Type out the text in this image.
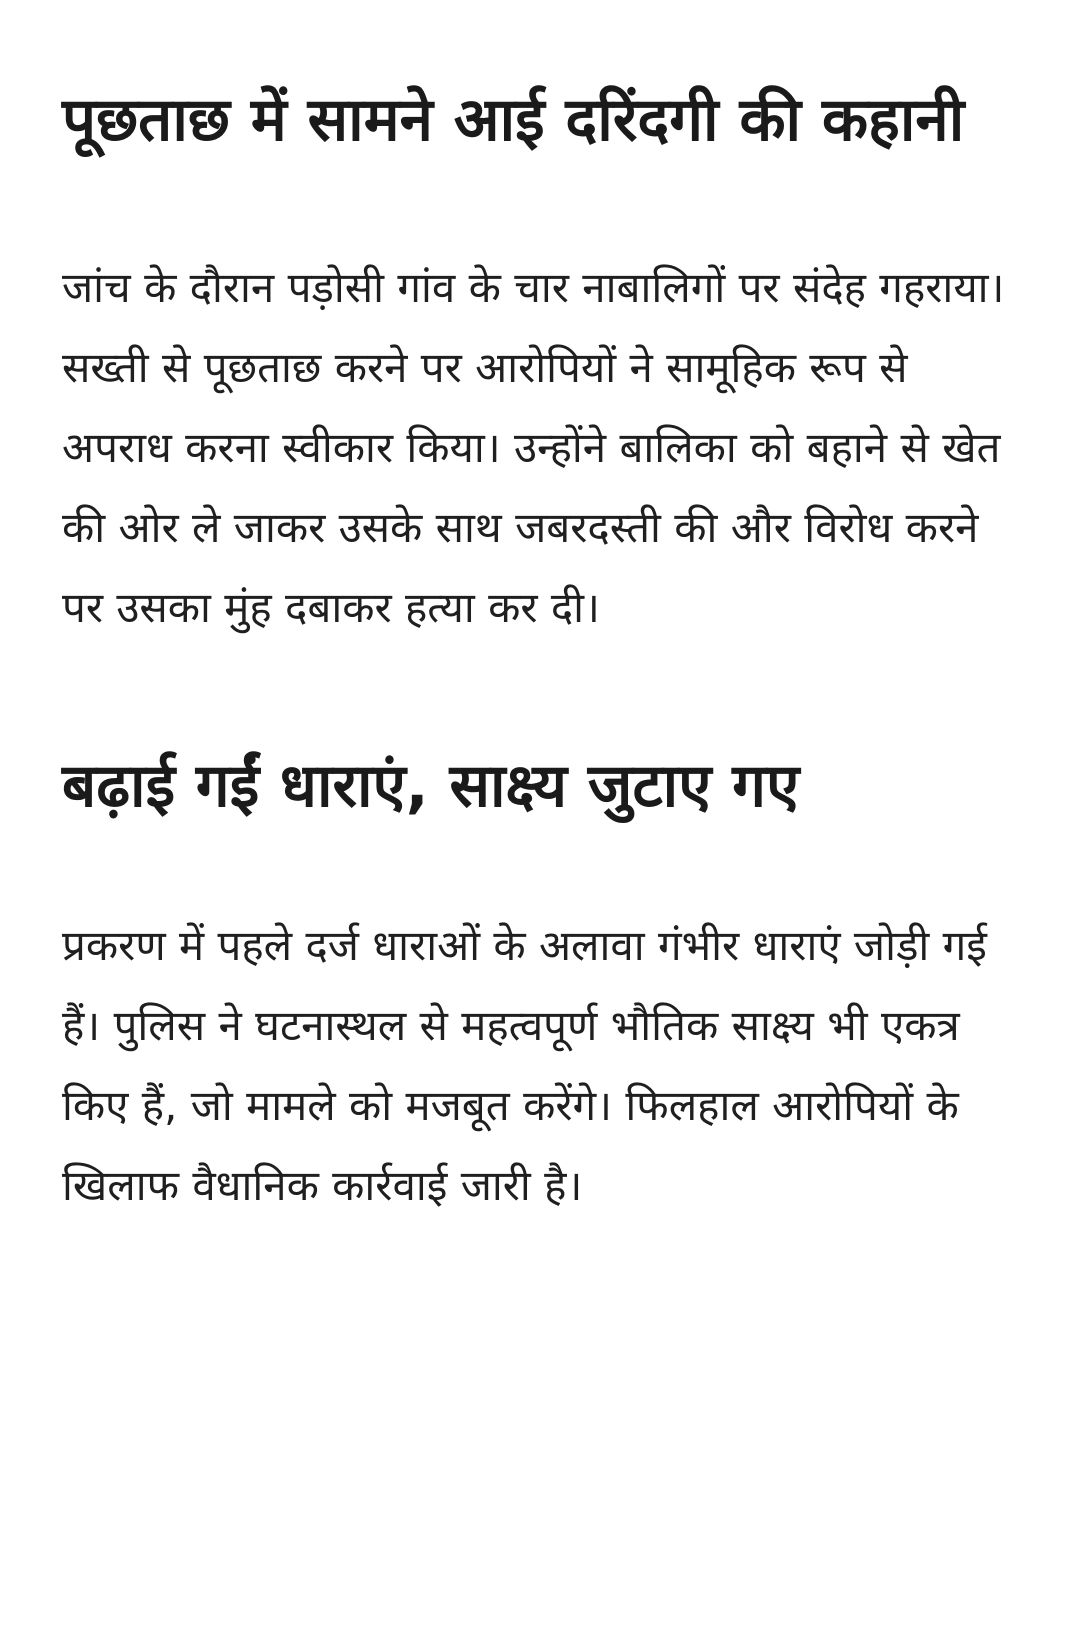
पूछताछ में सामने आई दरिंदगी की कहानी

जांच के दौरान पड़ोसी गांव के चार नाबालिगों पर संदेह गहराया। सख्ती से पूछताछ करने पर आरोपियों ने सामूहिक रूप से अपराध करना स्वीकार किया। उन्होंने बालिका को बहाने से खेत की ओर ले जाकर उसके साथ जबरदस्ती की और विरोध करने पर उसका मुंह दबाकर हत्या कर दी।

बढ़ाई गईं धाराएं, साक्ष्य जुटाए गए

प्रकरण में पहले दर्ज धाराओं के अलावा गंभीर धाराएं जोड़ी गई हैं। पुलिस ने घटनास्थल से महत्वपूर्ण भौतिक साक्ष्य भी एकत्र किए हैं, जो मामले को मजबूत करेंगे। फिलहाल आरोपियों के खिलाफ वैधानिक कार्रवाई जारी है।
